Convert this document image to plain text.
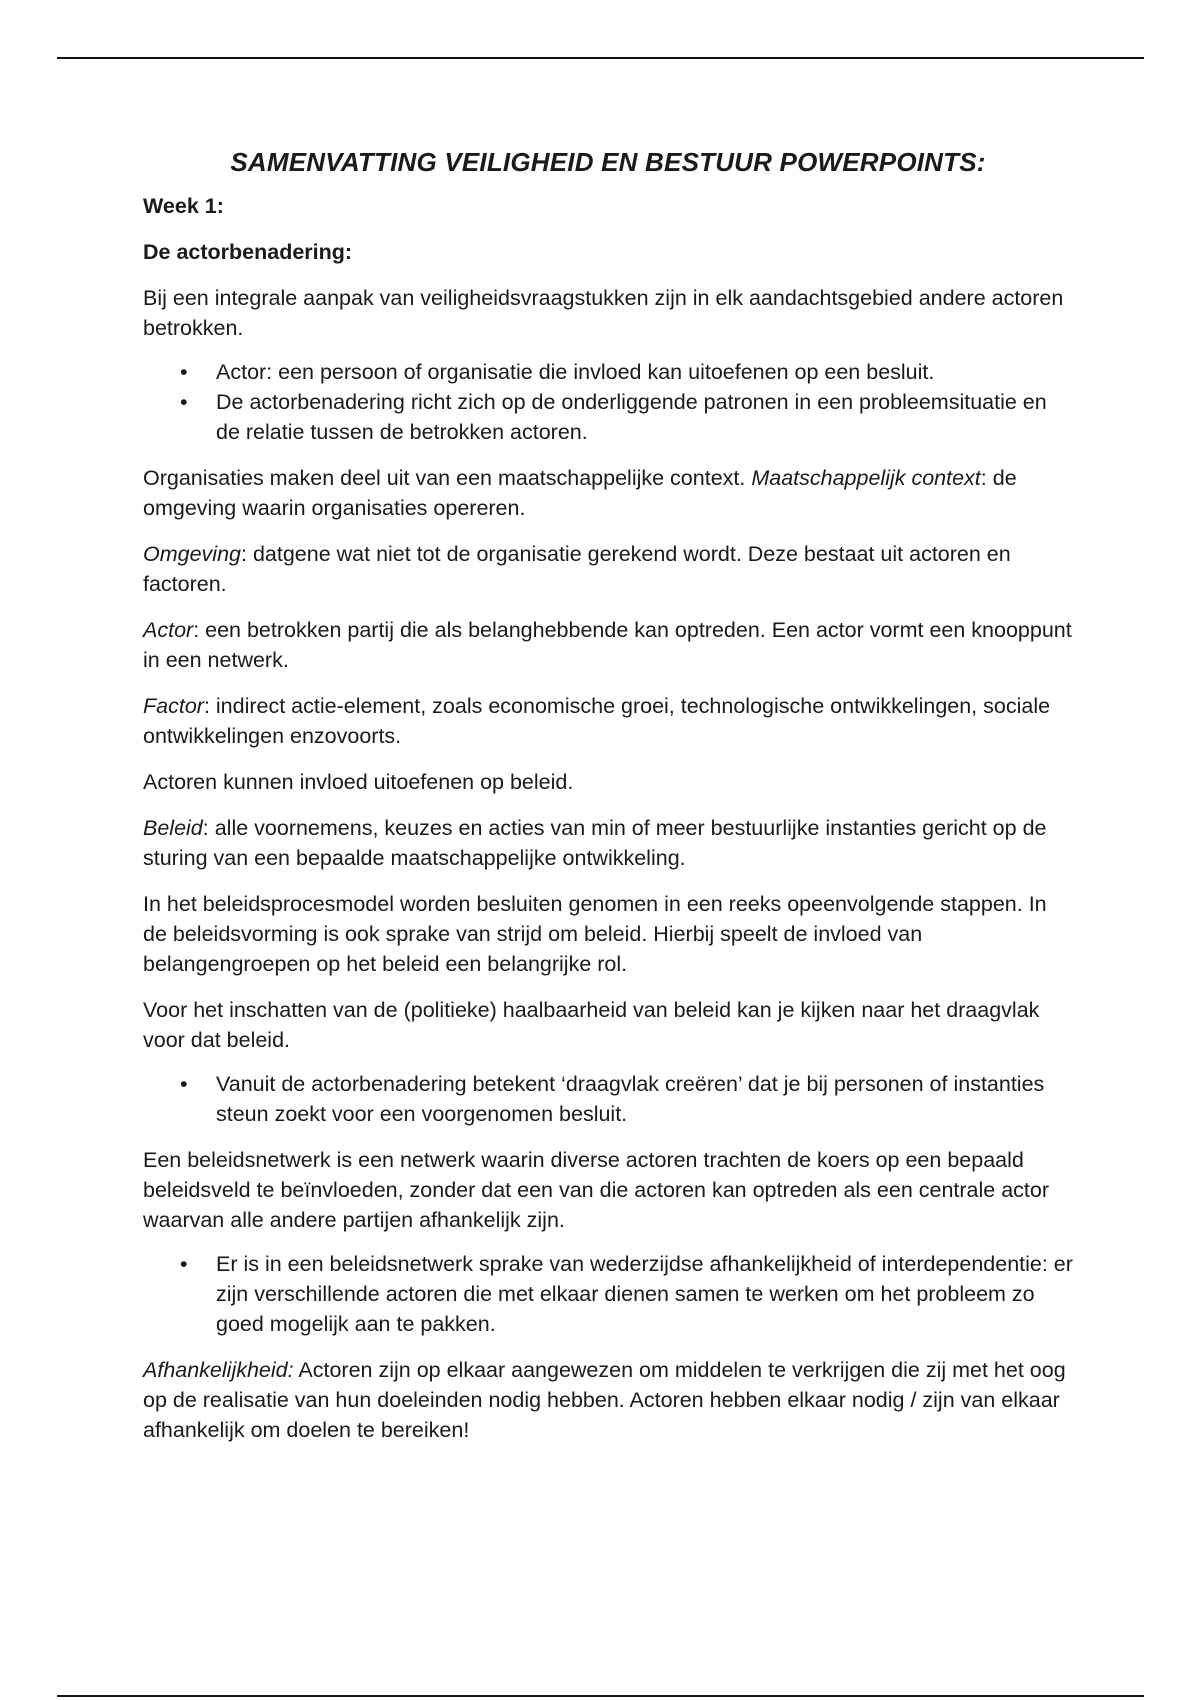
SAMENVATTING VEILIGHEID EN BESTUUR POWERPOINTS:
Week 1:
De actorbenadering:

Bij een integrale aanpak van veiligheidsvraagstukken zijn in elk aandachtsgebied andere actoren betrokken.

• Actor: een persoon of organisatie die invloed kan uitoefenen op een besluit.
• De actorbenadering richt zich op de onderliggende patronen in een probleemsituatie en de relatie tussen de betrokken actoren.

Organisaties maken deel uit van een maatschappelijke context. Maatschappelijk context: de omgeving waarin organisaties opereren.

Omgeving: datgene wat niet tot de organisatie gerekend wordt. Deze bestaat uit actoren en factoren.

Actor: een betrokken partij die als belanghebbende kan optreden. Een actor vormt een knooppunt in een netwerk.

Factor: indirect actie-element, zoals economische groei, technologische ontwikkelingen, sociale ontwikkelingen enzovoorts.

Actoren kunnen invloed uitoefenen op beleid.

Beleid: alle voornemens, keuzes en acties van min of meer bestuurlijke instanties gericht op de sturing van een bepaalde maatschappelijke ontwikkeling.

In het beleidsprocesmodel worden besluiten genomen in een reeks opeenvolgende stappen. In de beleidsvorming is ook sprake van strijd om beleid. Hierbij speelt de invloed van belangengroepen op het beleid een belangrijke rol.

Voor het inschatten van de (politieke) haalbaarheid van beleid kan je kijken naar het draagvlak voor dat beleid.

• Vanuit de actorbenadering betekent ‘draagvlak creëren’ dat je bij personen of instanties steun zoekt voor een voorgenomen besluit.

Een beleidsnetwerk is een netwerk waarin diverse actoren trachten de koers op een bepaald beleidsveld te beïnvloeden, zonder dat een van die actoren kan optreden als een centrale actor waarvan alle andere partijen afhankelijk zijn.

• Er is in een beleidsnetwerk sprake van wederzijdse afhankelijkheid of interdependentie: er zijn verschillende actoren die met elkaar dienen samen te werken om het probleem zo goed mogelijk aan te pakken.

Afhankelijkheid: Actoren zijn op elkaar aangewezen om middelen te verkrijgen die zij met het oog op de realisatie van hun doeleinden nodig hebben. Actoren hebben elkaar nodig / zijn van elkaar afhankelijk om doelen te bereiken!
